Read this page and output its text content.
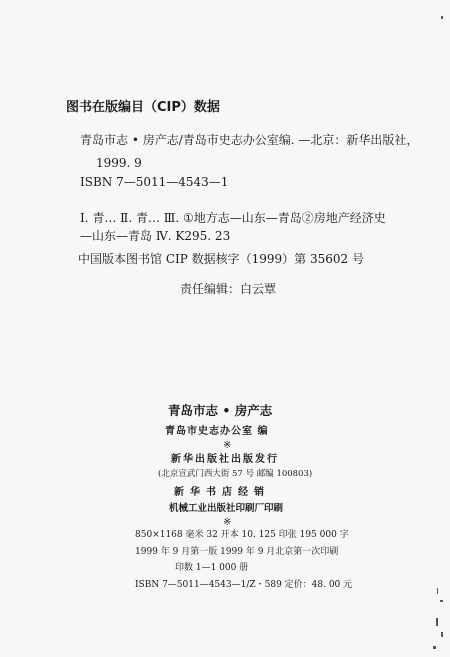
图书在版编目（CIP）数据
青岛市志 • 房产志/青岛市史志办公室编. —北京：新华出版社，
1999. 9
ISBN 7—5011—4543—1
Ⅰ. 青… Ⅱ. 青… Ⅲ. ①地方志—山东—青岛②房地产经济史
—山东—青岛 Ⅳ. K295. 23
中国版本图书馆 CIP 数据核字（1999）第 35602 号
责任编辑：白云覃
青岛市志 • 房产志
青岛市史志办公室 编
※
新华出版社出版发行
(北京宣武门西大街 57 号 邮编 100803)
新华书店经销
机械工业出版社印刷厂印刷
※
850×1168 毫米 32 开本 10. 125 印张 195 000 字
1999 年 9 月第一版 1999 年 9 月北京第一次印刷
印数 1—1 000 册
ISBN 7—5011—4543—1/Z・589 定价：48. 00 元
